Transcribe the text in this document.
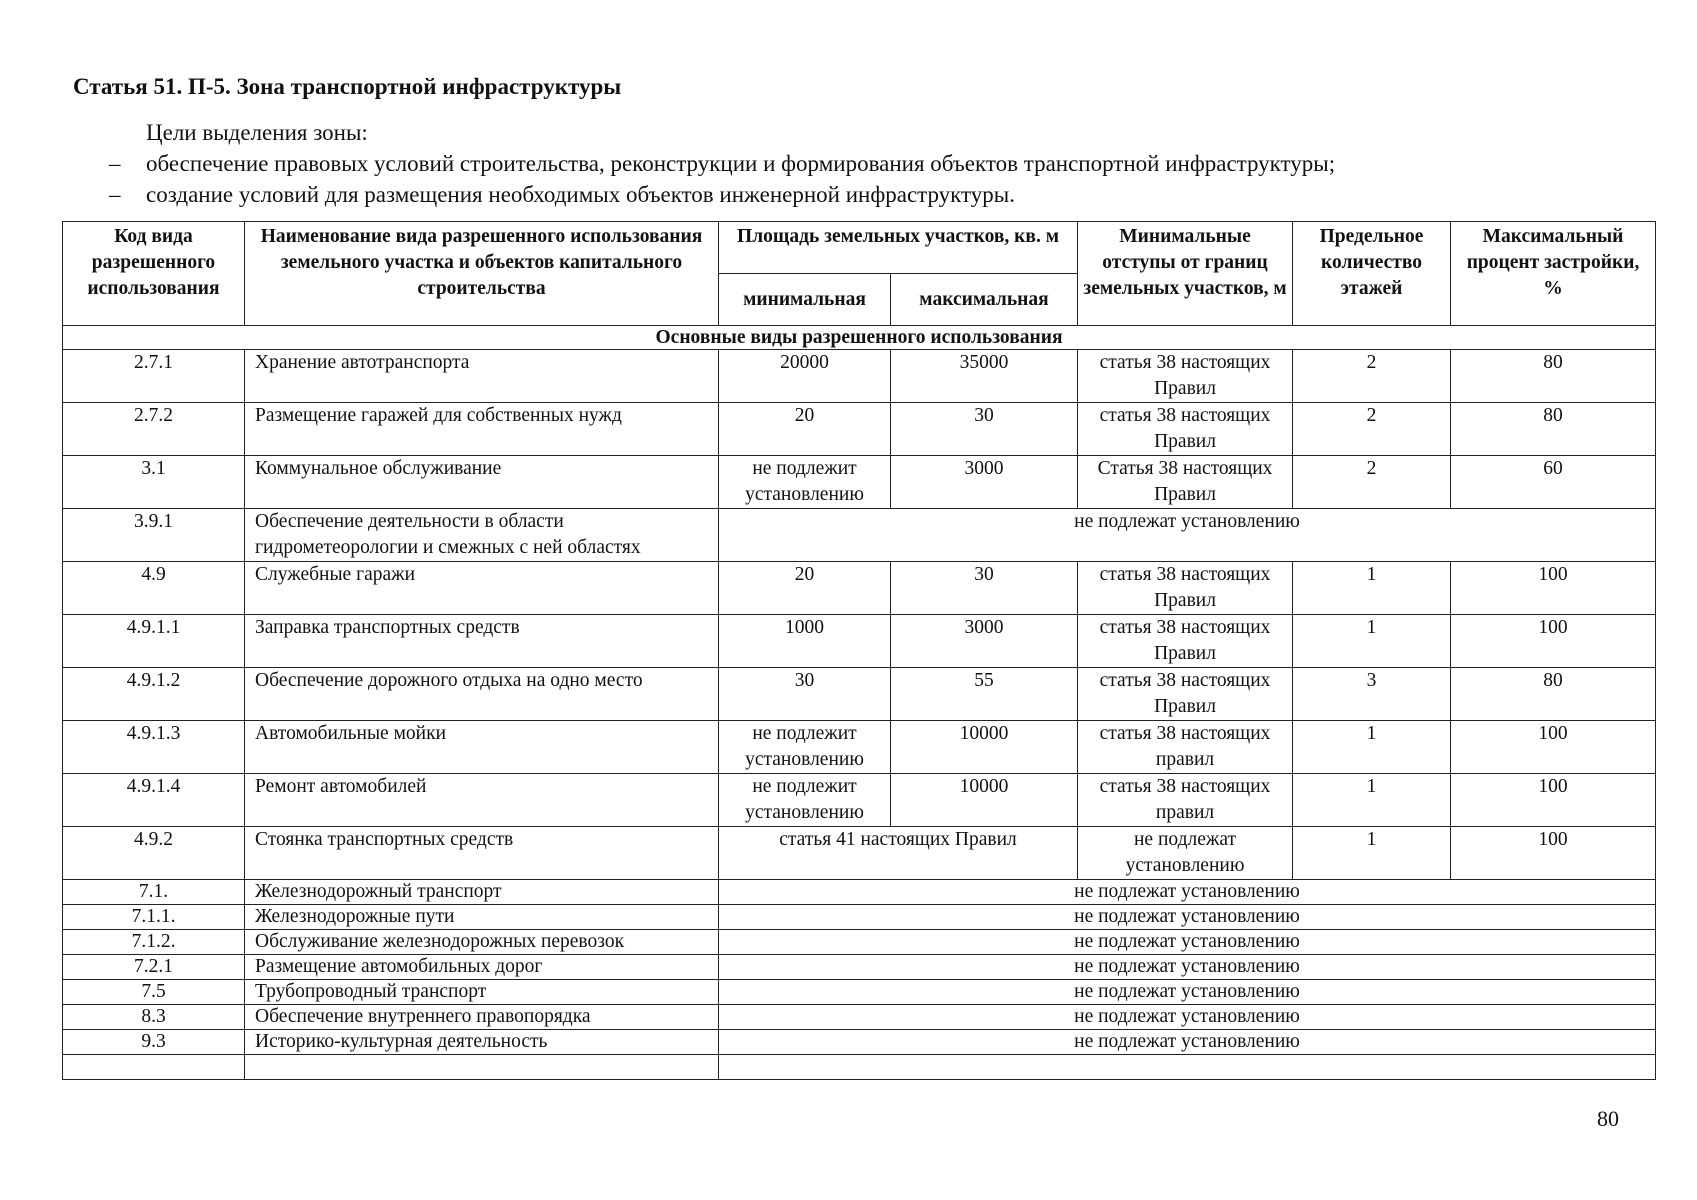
Статья 51. П-5. Зона транспортной инфраструктуры
Цели выделения зоны:
– обеспечение правовых условий строительства, реконструкции и формирования объектов транспортной инфраструктуры;
– создание условий для размещения необходимых объектов инженерной инфраструктуры.
Код вида разрешенного использования	Наименование вида разрешенного использования земельного участка и объектов капитального строительства	Площадь земельных участков, кв. м		Минимальные отступы от границ земельных участков, м	Предельное количество этажей	Максимальный процент застройки, %
		минимальная	максимальная			
Основные виды разрешенного использования						
2.7.1	Хранение автотранспорта	20000	35000	статья 38 настоящих Правил	2	80
2.7.2	Размещение гаражей для собственных нужд	20	30	статья 38 настоящих Правил	2	80
3.1	Коммунальное обслуживание	не подлежит установлению	3000	Статья 38 настоящих Правил	2	60
3.9.1	Обеспечение деятельности в области гидрометеорологии и смежных с ней областях	не подлежат установлению				
4.9	Служебные гаражи	20	30	статья 38 настоящих Правил	1	100
4.9.1.1	Заправка транспортных средств	1000	3000	статья 38 настоящих Правил	1	100
4.9.1.2	Обеспечение дорожного отдыха на одно место	30	55	статья 38 настоящих Правил	3	80
4.9.1.3	Автомобильные мойки	не подлежит установлению	10000	статья 38 настоящих правил	1	100
4.9.1.4	Ремонт автомобилей	не подлежит установлению	10000	статья 38 настоящих правил	1	100
4.9.2	Стоянка транспортных средств	статья 41 настоящих Правил		не подлежат установлению	1	100
7.1.	Железнодорожный транспорт	не подлежат установлению				
7.1.1.	Железнодорожные пути	не подлежат установлению				
7.1.2.	Обслуживание железнодорожных перевозок	не подлежат установлению				
7.2.1	Размещение автомобильных дорог	не подлежат установлению				
7.5	Трубопроводный транспорт	не подлежат установлению				
8.3	Обеспечение внутреннего правопорядка	не подлежат установлению				
9.3	Историко-культурная деятельность	не подлежат установлению				

80
